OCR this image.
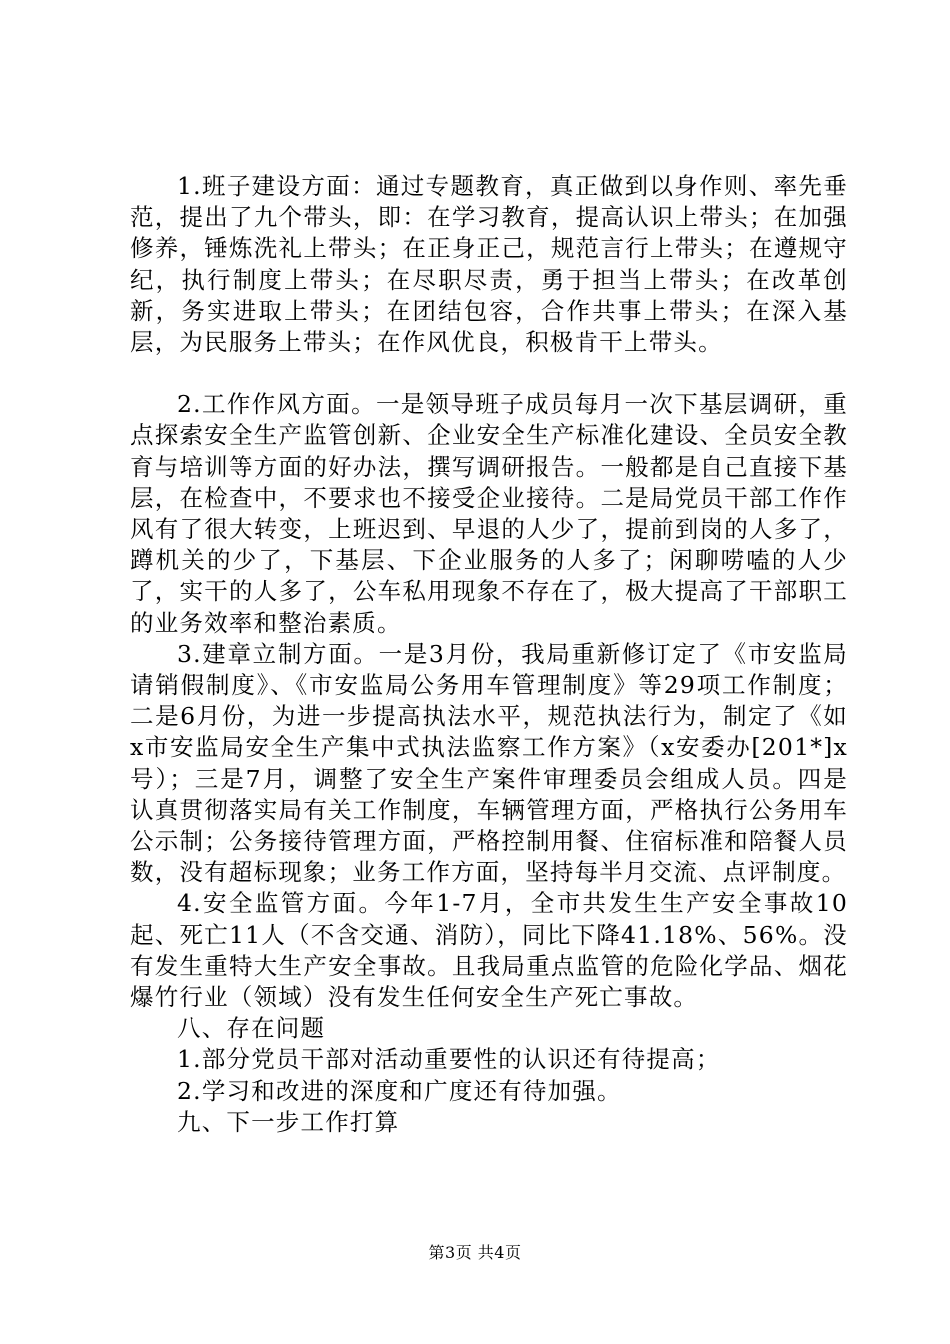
1.班子建设方面：通过专题教育，真正做到以身作则、率先垂范，提出了九个带头，即：在学习教育，提高认识上带头；在加强修养，锤炼洗礼上带头；在正身正己，规范言行上带头；在遵规守纪，执行制度上带头；在尽职尽责，勇于担当上带头；在改革创新，务实进取上带头；在团结包容，合作共事上带头；在深入基层，为民服务上带头；在作风优良，积极肯干上带头。

2.工作作风方面。一是领导班子成员每月一次下基层调研，重点探索安全生产监管创新、企业安全生产标准化建设、全员安全教育与培训等方面的好办法，撰写调研报告。一般都是自己直接下基层，在检查中，不要求也不接受企业接待。二是局党员干部工作作风有了很大转变，上班迟到、早退的人少了，提前到岗的人多了，蹲机关的少了，下基层、下企业服务的人多了；闲聊唠嗑的人少了，实干的人多了，公车私用现象不存在了，极大提高了干部职工的业务效率和整治素质。

3.建章立制方面。一是3月份，我局重新修订定了《市安监局请销假制度》、《市安监局公务用车管理制度》等29项工作制度；二是6月份，为进一步提高执法水平，规范执法行为，制定了《如x市安监局安全生产集中式执法监察工作方案》（x安委办[201*]x号）；三是7月，调整了安全生产案件审理委员会组成人员。四是认真贯彻落实局有关工作制度，车辆管理方面，严格执行公务用车公示制；公务接待管理方面，严格控制用餐、住宿标准和陪餐人员数，没有超标现象；业务工作方面，坚持每半月交流、点评制度。

4.安全监管方面。今年1-7月，全市共发生生产安全事故10起、死亡11人（不含交通、消防），同比下降41.18%、56%。没有发生重特大生产安全事故。且我局重点监管的危险化学品、烟花爆竹行业（领域）没有发生任何安全生产死亡事故。

八、存在问题

1.部分党员干部对活动重要性的认识还有待提高；

2.学习和改进的深度和广度还有待加强。

九、下一步工作打算

第3页 共4页
